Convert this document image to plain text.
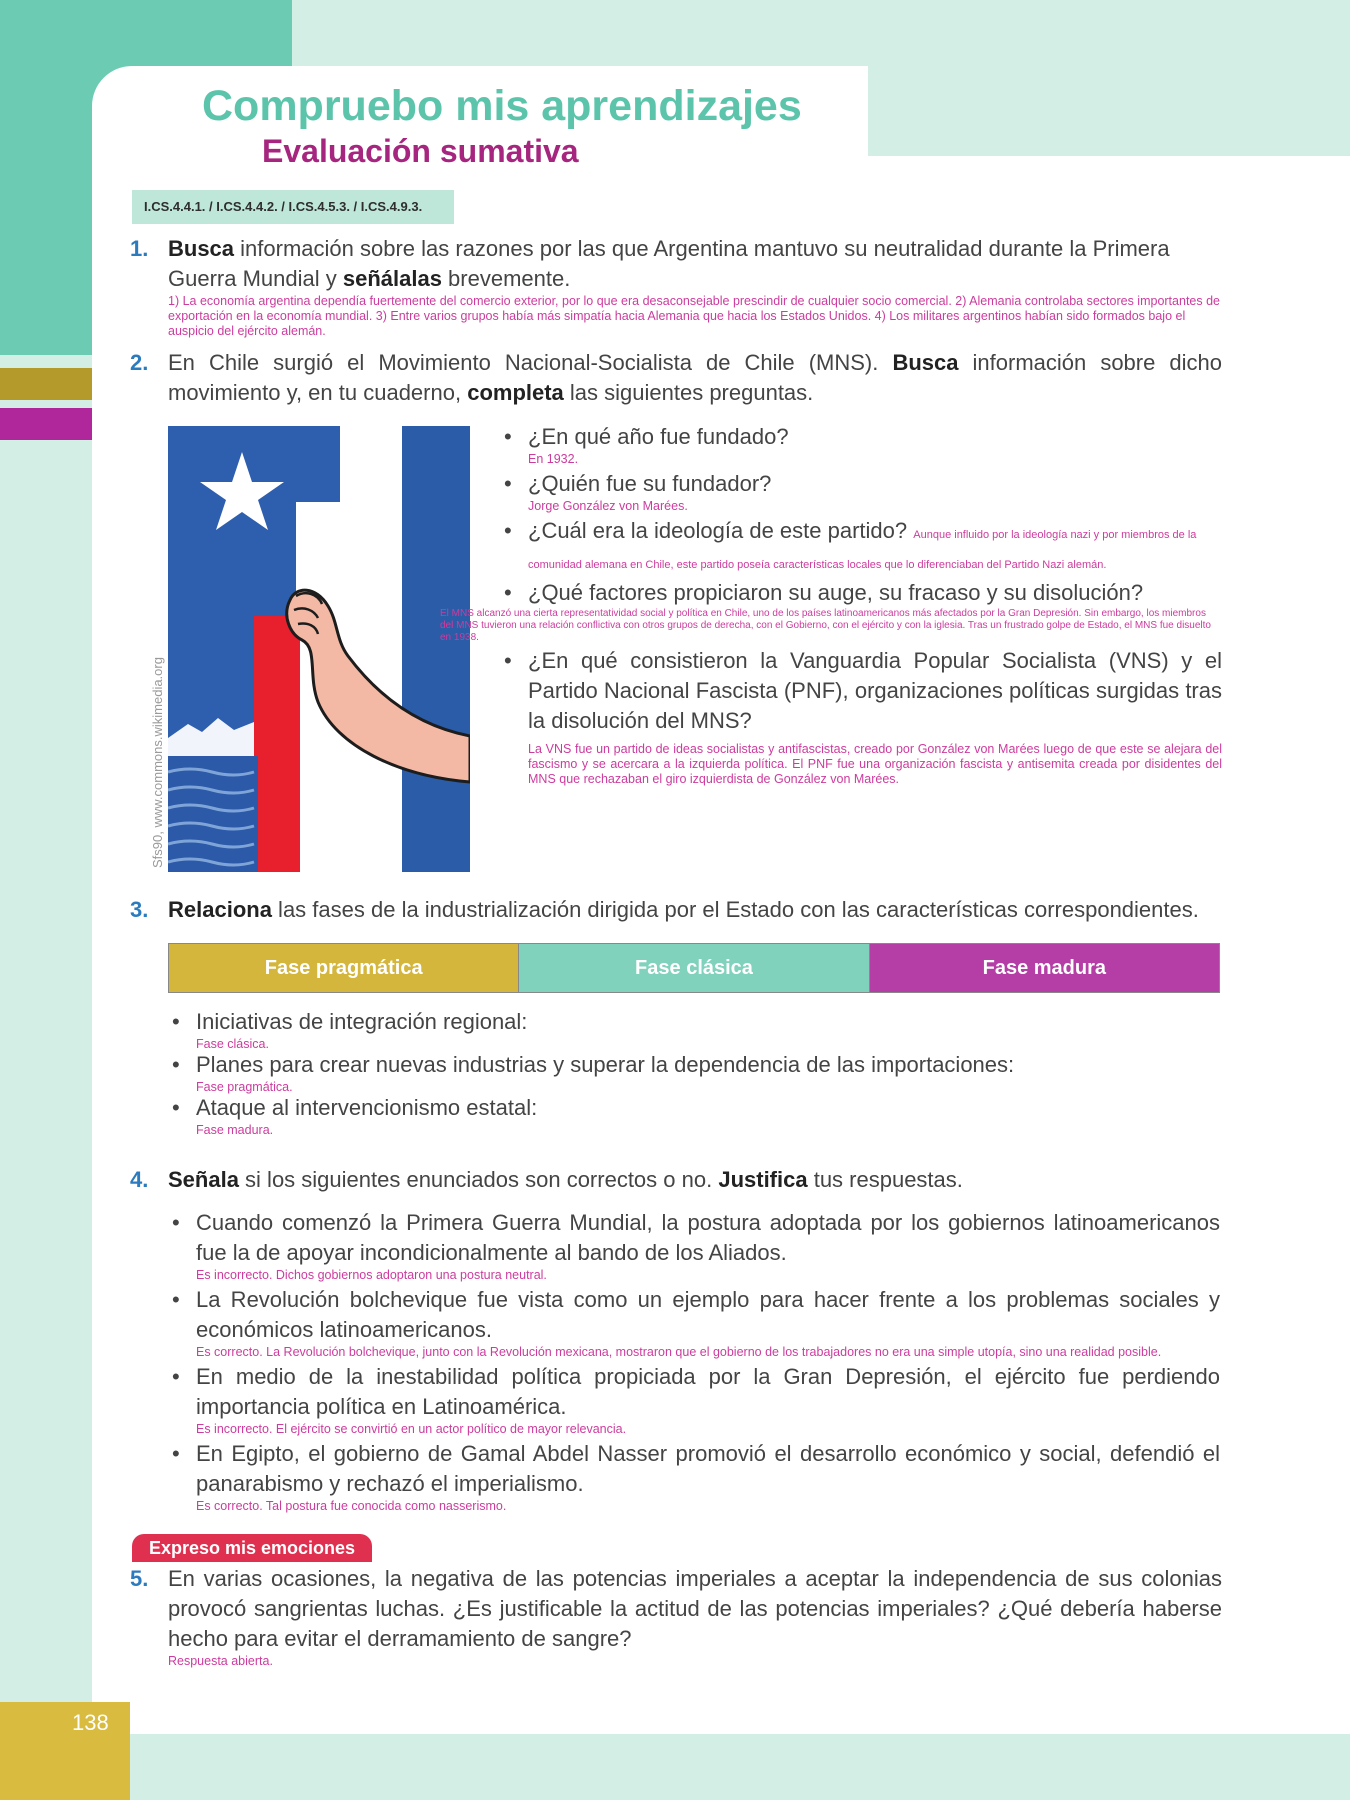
138
Compruebo mis aprendizajes
Evaluación sumativa
I.CS.4.4.1. / I.CS.4.4.2. / I.CS.4.5.3. / I.CS.4.9.3.
1. Busca información sobre las razones por las que Argentina mantuvo su neutralidad durante la Primera Guerra Mundial y señálalas brevemente.
1) La economía argentina dependía fuertemente del comercio exterior, por lo que era desaconsejable prescindir de cualquier socio comercial. 2) Alemania controlaba sectores importantes de exportación en la economía mundial. 3) Entre varios grupos había más simpatía hacia Alemania que hacia los Estados Unidos. 4) Los militares argentinos habían sido formados bajo el auspicio del ejército alemán.
2. En Chile surgió el Movimiento Nacional-Socialista de Chile (MNS). Busca información sobre dicho movimiento y, en tu cuaderno, completa las siguientes preguntas.
Sfs90, www.commons.wikimedia.org
• ¿En qué año fue fundado?
En 1932.
• ¿Quién fue su fundador?
Jorge González von Marées.
• ¿Cuál era la ideología de este partido? Aunque influido por la ideología nazi y por miembros de la comunidad alemana en Chile, este partido poseía características locales que lo diferenciaban del Partido Nazi alemán.
• ¿Qué factores propiciaron su auge, su fracaso y su disolución?
El MNS alcanzó una cierta representatividad social y política en Chile, uno de los países latinoamericanos más afectados por la Gran Depresión. Sin embargo, los miembros del MNS tuvieron una relación conflictiva con otros grupos de derecha, con el Gobierno, con el ejército y con la iglesia. Tras un frustrado golpe de Estado, el MNS fue disuelto en 1938.
• ¿En qué consistieron la Vanguardia Popular Socialista (VNS) y el Partido Nacional Fascista (PNF), organizaciones políticas surgidas tras la disolución del MNS?
La VNS fue un partido de ideas socialistas y antifascistas, creado por González von Marées luego de que este se alejara del fascismo y se acercara a la izquierda política. El PNF fue una organización fascista y antisemita creada por disidentes del MNS que rechazaban el giro izquierdista de González von Marées.
3. Relaciona las fases de la industrialización dirigida por el Estado con las características correspondientes.
Fase pragmática	Fase clásica	Fase madura
• Iniciativas de integración regional:
Fase clásica.
• Planes para crear nuevas industrias y superar la dependencia de las importaciones:
Fase pragmática.
• Ataque al intervencionismo estatal:
Fase madura.
4. Señala si los siguientes enunciados son correctos o no. Justifica tus respuestas.
• Cuando comenzó la Primera Guerra Mundial, la postura adoptada por los gobiernos latinoamericanos fue la de apoyar incondicionalmente al bando de los Aliados.
Es incorrecto. Dichos gobiernos adoptaron una postura neutral.
• La Revolución bolchevique fue vista como un ejemplo para hacer frente a los problemas sociales y económicos latinoamericanos.
Es correcto. La Revolución bolchevique, junto con la Revolución mexicana, mostraron que el gobierno de los trabajadores no era una simple utopía, sino una realidad posible.
• En medio de la inestabilidad política propiciada por la Gran Depresión, el ejército fue perdiendo importancia política en Latinoamérica.
Es incorrecto. El ejército se convirtió en un actor político de mayor relevancia.
• En Egipto, el gobierno de Gamal Abdel Nasser promovió el desarrollo económico y social, defendió el panarabismo y rechazó el imperialismo.
Es correcto. Tal postura fue conocida como nasserismo.
Expreso mis emociones
5. En varias ocasiones, la negativa de las potencias imperiales a aceptar la independencia de sus colonias provocó sangrientas luchas. ¿Es justificable la actitud de las potencias imperiales? ¿Qué debería haberse hecho para evitar el derramamiento de sangre?
Respuesta abierta.
